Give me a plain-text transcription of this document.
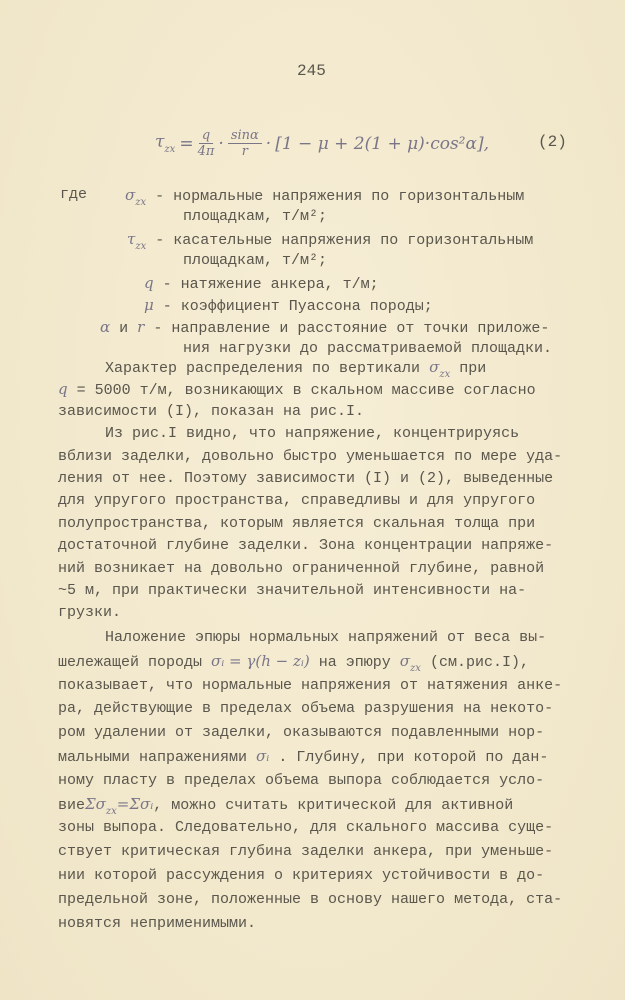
245
$\tau_{zx} = \frac{q}{4\pi} \cdot \frac{\sin\alpha}{r} \cdot [1 - \mu + 2(1 + \mu)\cdot\cos^2\alpha]$,	(2)
где	$\sigma_{zx}$ - нормальные напряжения по горизонтальным
площадкам, т/м²;
$\tau_{zx}$ - касательные напряжения по горизонтальным
площадкам, т/м²;
q - натяжение анкера, т/м;
μ - коэффициент Пуассона породы;
α и r - направление и расстояние от точки приложе-
ния нагрузки до рассматриваемой площадки.
Характер распределения по вертикали $\sigma_{zx}$ при
q = 5000 т/м, возникающих в скальном массиве согласно
зависимости (I), показан на рис.I.
Из рис.I видно, что напряжение, концентрируясь
вблизи заделки, довольно быстро уменьшается по мере уда-
ления от нее. Поэтому зависимости (I) и (2), выведенные
для упругого пространства, справедливы и для упругого
полупространства, которым является скальная толща при
достаточной глубине заделки. Зона концентрации напряже-
ний возникает на довольно ограниченной глубине, равной
~5 м, при практически значительной интенсивности на-
грузки.
Наложение эпюры нормальных напряжений от веса вы-
шележащей породы σᵢ = γ(h − zᵢ) на эпюру $\sigma_{zx}$ (см.рис.I),
показывает, что нормальные напряжения от натяжения анке-
ра, действующие в пределах объема разрушения на некото-
ром удалении от заделки, оказываются подавленными нор-
мальными напражениями σᵢ . Глубину, при которой по дан-
ному пласту в пределах объема выпора соблюдается усло-
виеΣσ$_{zx}$=Σσᵢ, можно считать критической для активной
зоны выпора. Следовательно, для скального массива суще-
ствует критическая глубина заделки анкера, при уменьше-
нии которой рассуждения о критериях устойчивости в до-
предельной зоне, положенные в основу нашего метода, ста-
новятся неприменимыми.
